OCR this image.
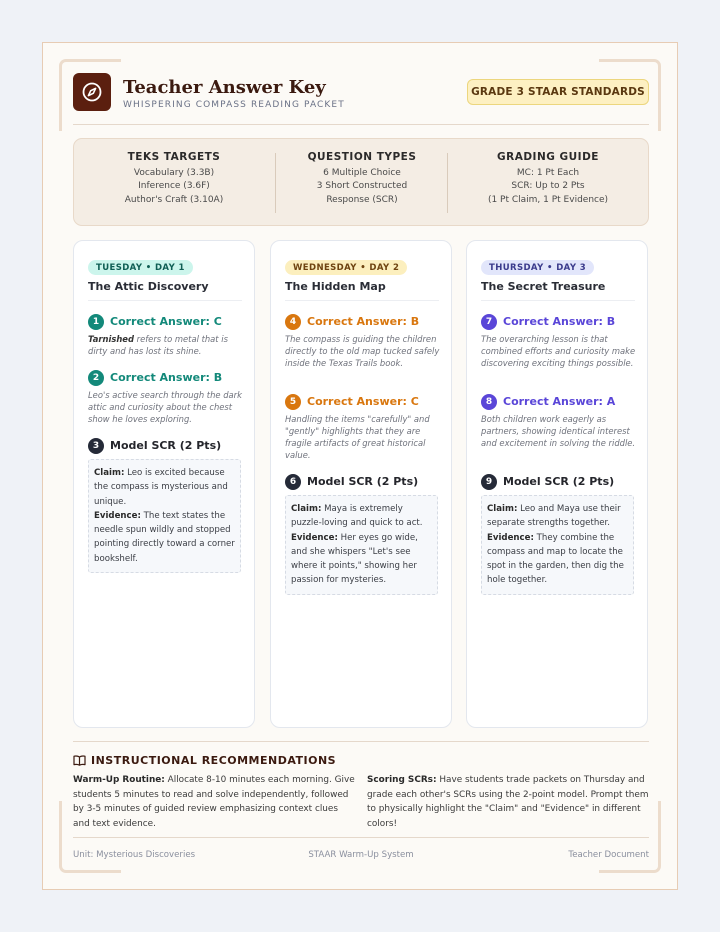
Teacher Answer Key
WHISPERING COMPASS READING PACKET
GRADE 3 STAAR STANDARDS
TEKS TARGETS
Vocabulary (3.3B)
Inference (3.6F)
Author's Craft (3.10A)
QUESTION TYPES
6 Multiple Choice
3 Short Constructed
Response (SCR)
GRADING GUIDE
MC: 1 Pt Each
SCR: Up to 2 Pts
(1 Pt Claim, 1 Pt Evidence)
TUESDAY • DAY 1
The Attic Discovery
1 Correct Answer: C
Tarnished refers to metal that is dirty and has lost its shine.
2 Correct Answer: B
Leo's active search through the dark attic and curiosity about the chest show he loves exploring.
3 Model SCR (2 Pts)
Claim: Leo is excited because the compass is mysterious and unique.
Evidence: The text states the needle spun wildly and stopped pointing directly toward a corner bookshelf.
WEDNESDAY • DAY 2
The Hidden Map
4 Correct Answer: B
The compass is guiding the children directly to the old map tucked safely inside the Texas Trails book.
5 Correct Answer: C
Handling the items "carefully" and "gently" highlights that they are fragile artifacts of great historical value.
6 Model SCR (2 Pts)
Claim: Maya is extremely puzzle-loving and quick to act.
Evidence: Her eyes go wide, and she whispers "Let's see where it points," showing her passion for mysteries.
THURSDAY • DAY 3
The Secret Treasure
7 Correct Answer: B
The overarching lesson is that combined efforts and curiosity make discovering exciting things possible.
8 Correct Answer: A
Both children work eagerly as partners, showing identical interest and excitement in solving the riddle.
9 Model SCR (2 Pts)
Claim: Leo and Maya use their separate strengths together.
Evidence: They combine the compass and map to locate the spot in the garden, then dig the hole together.
INSTRUCTIONAL RECOMMENDATIONS
Warm-Up Routine: Allocate 8-10 minutes each morning. Give students 5 minutes to read and solve independently, followed by 3-5 minutes of guided review emphasizing context clues and text evidence.
Scoring SCRs: Have students trade packets on Thursday and grade each other's SCRs using the 2-point model. Prompt them to physically highlight the "Claim" and "Evidence" in different colors!
Unit: Mysterious Discoveries	STAAR Warm-Up System	Teacher Document
